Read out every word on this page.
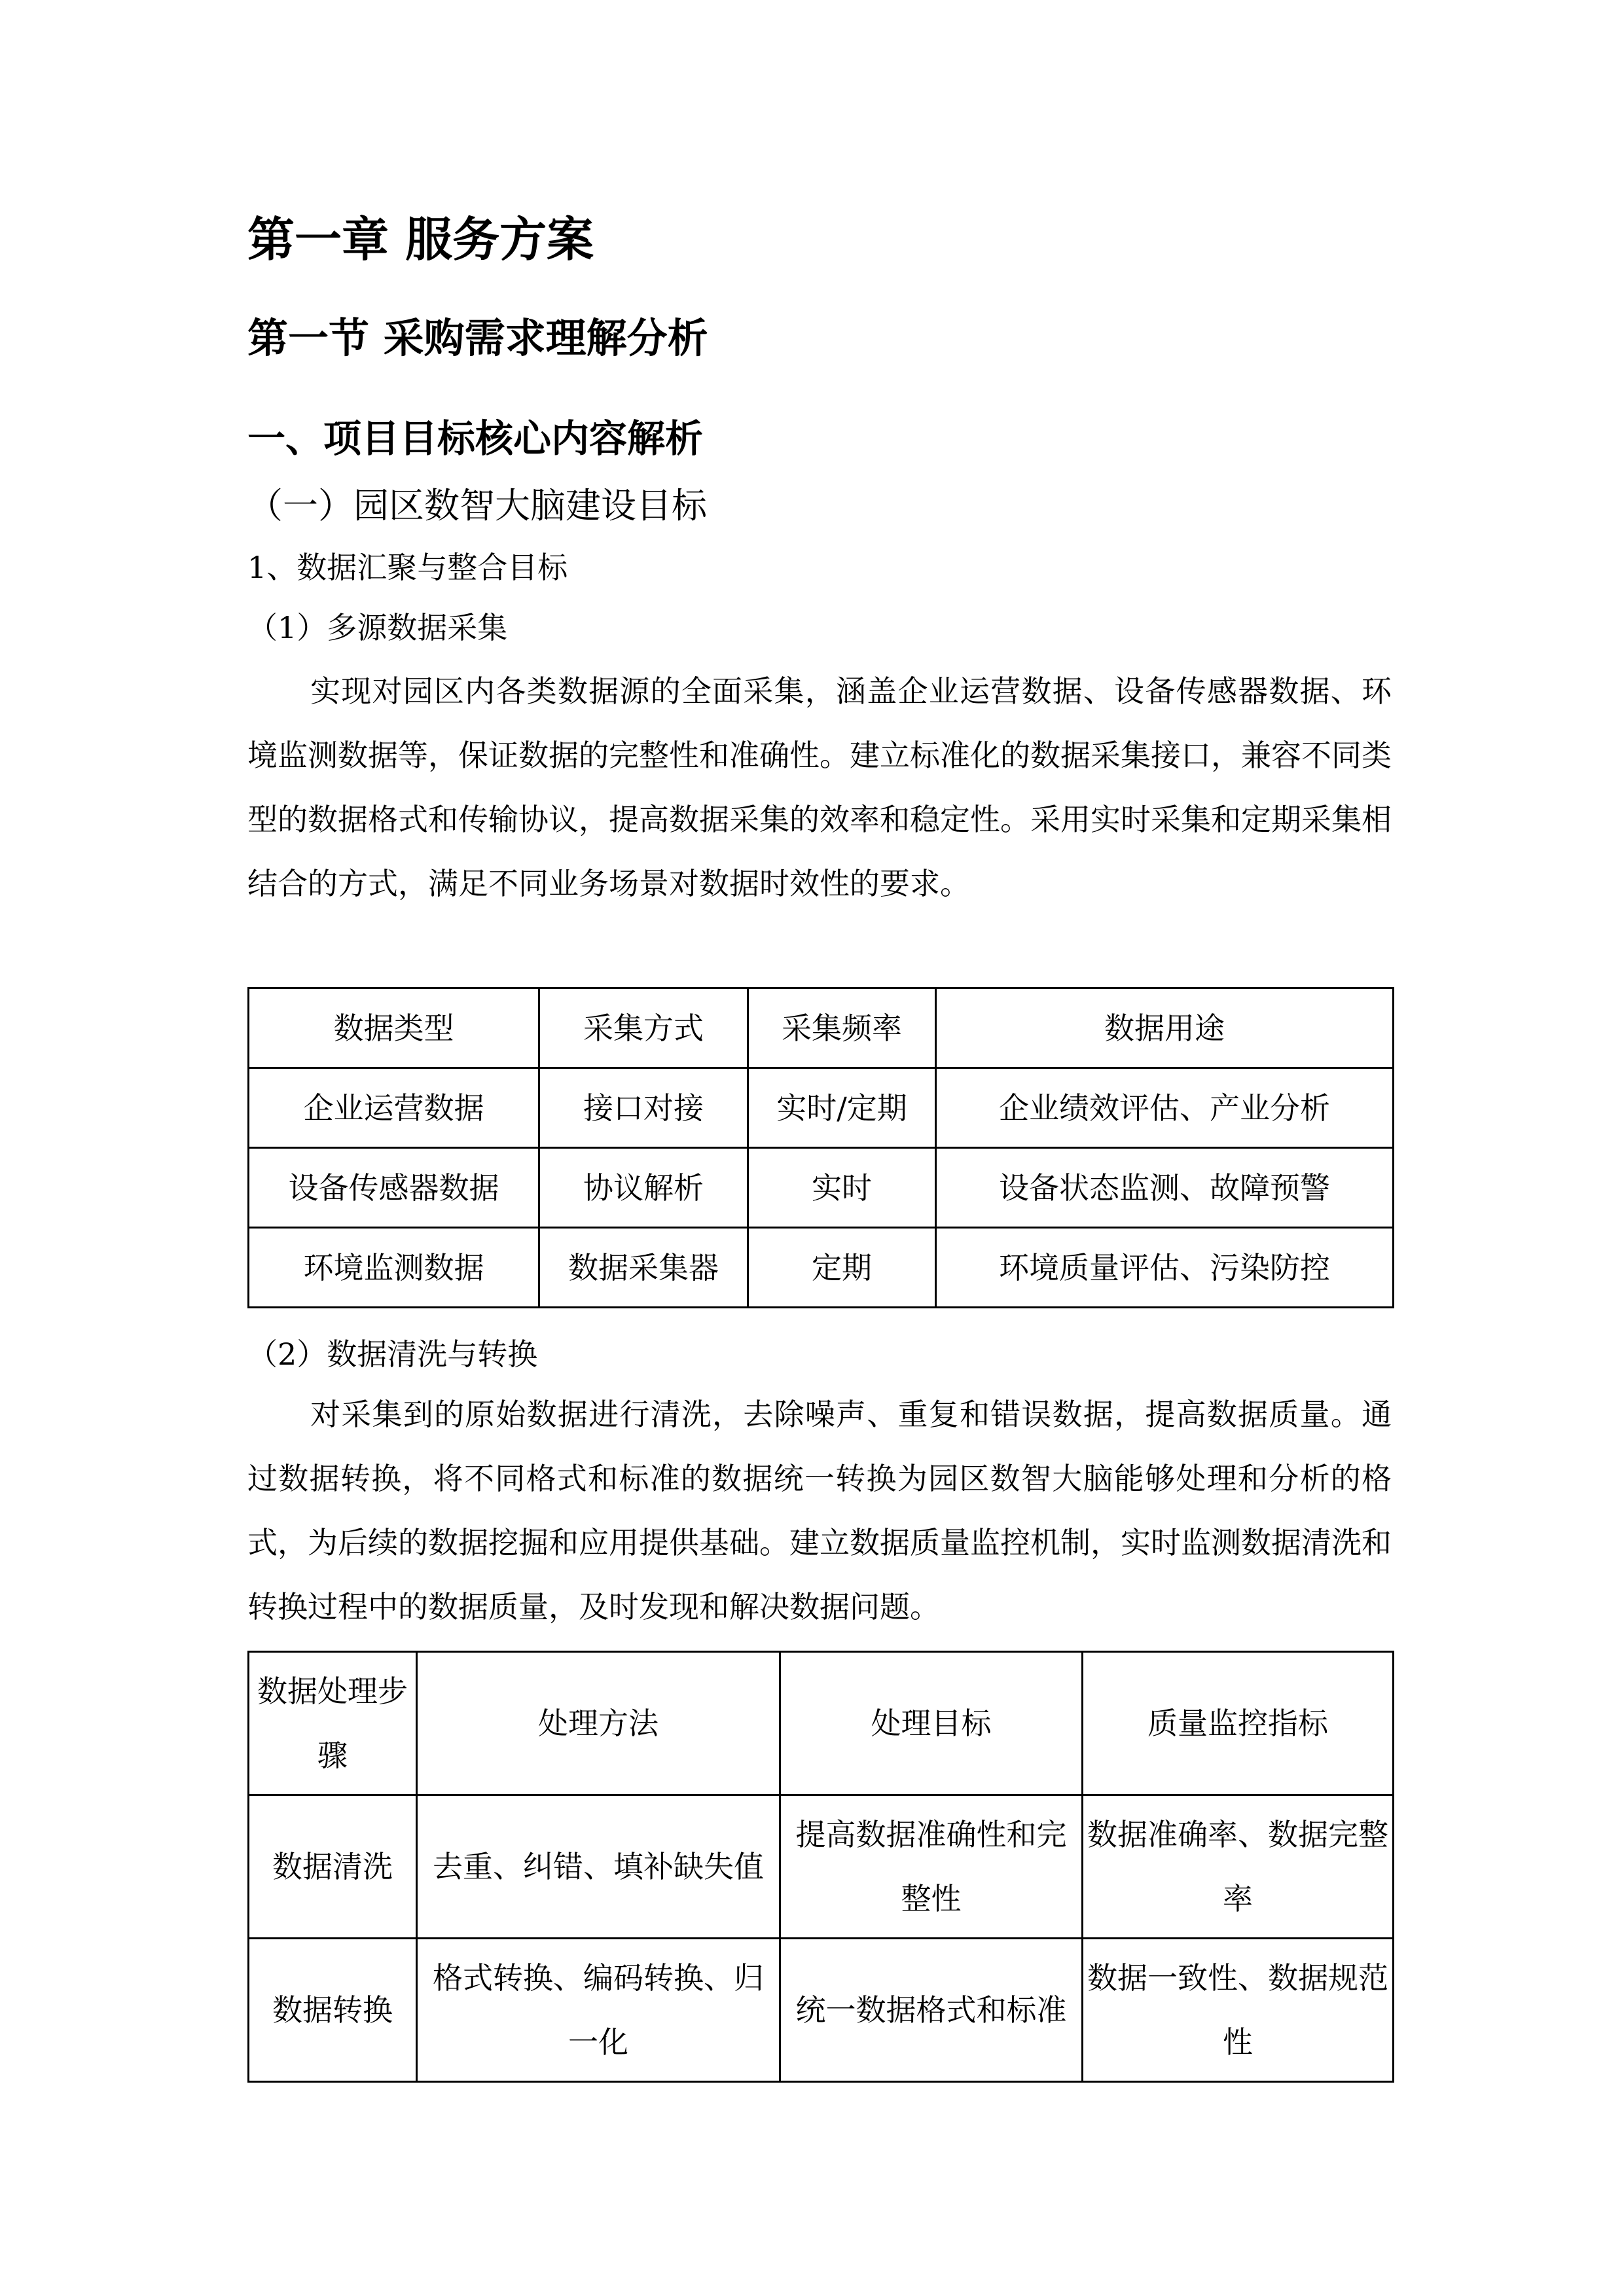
第一章 服务方案
第一节 采购需求理解分析
一、项目目标核心内容解析
（一）园区数智大脑建设目标
1、数据汇聚与整合目标
（1）多源数据采集

实现对园区内各类数据源的全面采集，涵盖企业运营数据、设备传感器数据、环境监测数据等，保证数据的完整性和准确性。建立标准化的数据采集接口，兼容不同类型的数据格式和传输协议，提高数据采集的效率和稳定性。采用实时采集和定期采集相结合的方式，满足不同业务场景对数据时效性的要求。

数据类型	采集方式	采集频率	数据用途
企业运营数据	接口对接	实时/定期	企业绩效评估、产业分析
设备传感器数据	协议解析	实时	设备状态监测、故障预警
环境监测数据	数据采集器	定期	环境质量评估、污染防控
（2）数据清洗与转换

对采集到的原始数据进行清洗，去除噪声、重复和错误数据，提高数据质量。通过数据转换，将不同格式和标准的数据统一转换为园区数智大脑能够处理和分析的格式，为后续的数据挖掘和应用提供基础。建立数据质量监控机制，实时监测数据清洗和转换过程中的数据质量，及时发现和解决数据问题。

数据处理步骤	处理方法	处理目标	质量监控指标
数据清洗	去重、纠错、填补缺失值	提高数据准确性和完整性	数据准确率、数据完整率
数据转换	格式转换、编码转换、归一化	统一数据格式和标准	数据一致性、数据规范性
